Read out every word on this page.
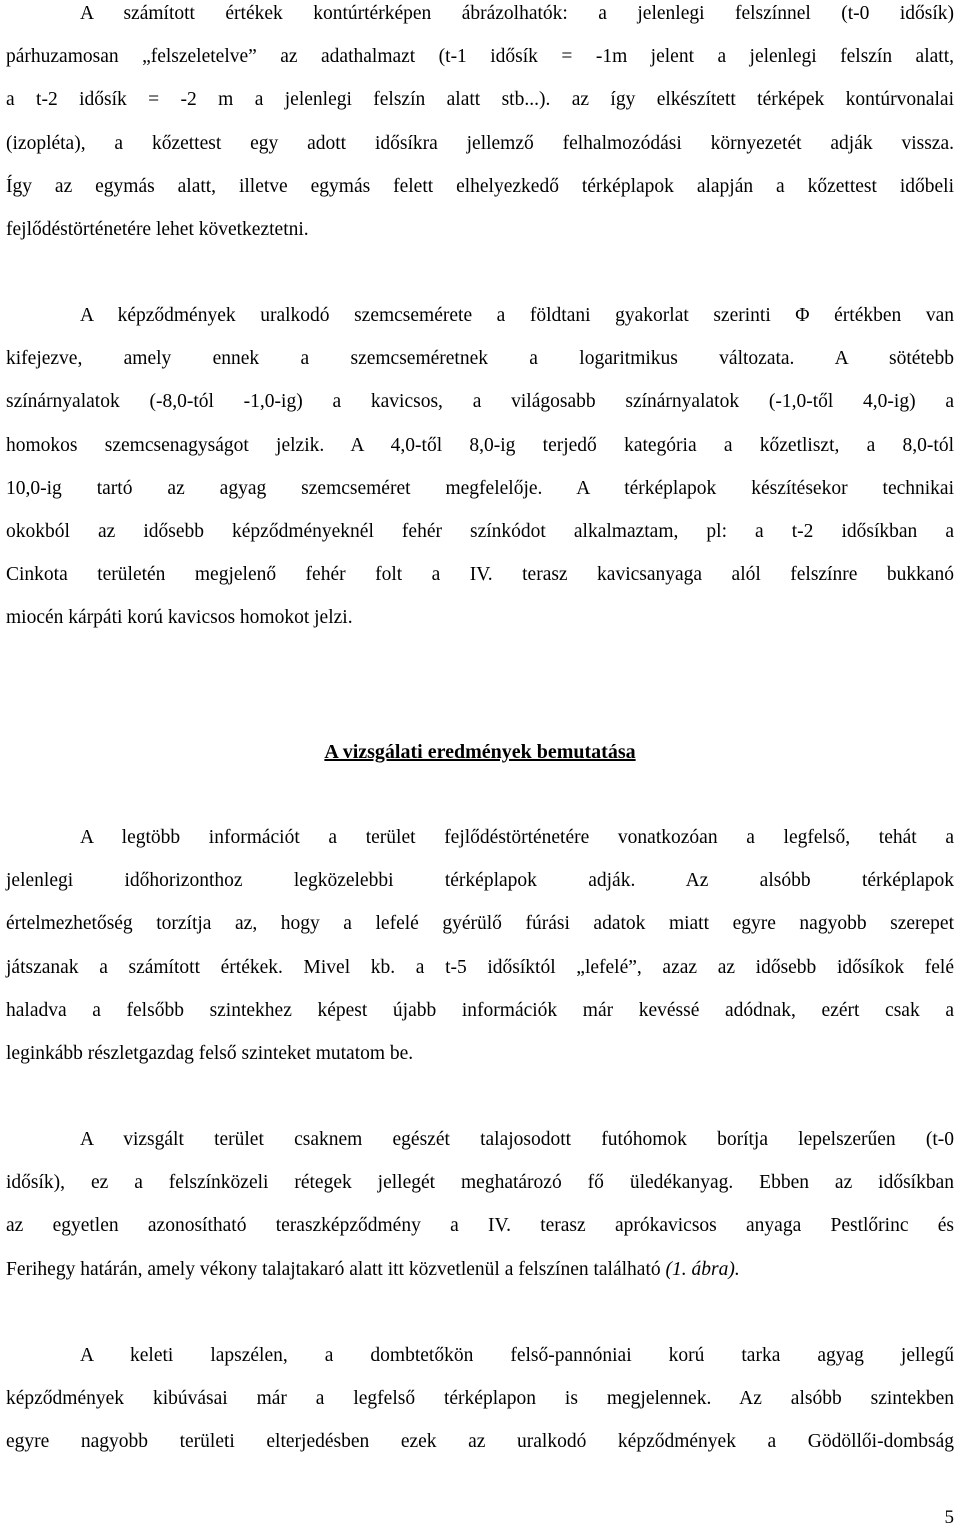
A számított értékek kontúrtérképen ábrázolhatók: a jelenlegi felszínnel (t-0 idősík)
párhuzamosan „felszeletelve” az adathalmazt (t-1 idősík = -1m jelent a jelenlegi felszín alatt,
a t-2 idősík = -2 m a jelenlegi felszín alatt stb...). az így elkészített térképek kontúrvonalai
(izopléta), a kőzettest egy adott idősíkra jellemző felhalmozódási környezetét adják vissza.
Így az egymás alatt, illetve egymás felett elhelyezkedő térképlapok alapján a kőzettest időbeli
fejlődéstörténetére lehet következtetni.
A képződmények uralkodó szemcsemérete a földtani gyakorlat szerinti Φ értékben van
kifejezve, amely ennek a szemcseméretnek a logaritmikus változata. A sötétebb
színárnyalatok (-8,0-tól -1,0-ig) a kavicsos, a világosabb színárnyalatok (-1,0-től 4,0-ig) a
homokos szemcsenagyságot jelzik. A 4,0-től 8,0-ig terjedő kategória a kőzetliszt, a 8,0-tól
10,0-ig tartó az agyag szemcseméret megfelelője. A térképlapok készítésekor technikai
okokból az idősebb képződményeknél fehér színkódot alkalmaztam, pl: a t-2 idősíkban a
Cinkota területén megjelenő fehér folt a IV. terasz kavicsanyaga alól felszínre bukkanó
miocén kárpáti korú kavicsos homokot jelzi.
A vizsgálati eredmények bemutatása
A legtöbb információt a terület fejlődéstörténetére vonatkozóan a legfelső, tehát a
jelenlegi időhorizonthoz legközelebbi térképlapok adják. Az alsóbb térképlapok
értelmezhetőség torzítja az, hogy a lefelé gyérülő fúrási adatok miatt egyre nagyobb szerepet
játszanak a számított értékek. Mivel kb. a t-5 idősíktól „lefelé”, azaz az idősebb idősíkok felé
haladva a felsőbb szintekhez képest újabb információk már kevéssé adódnak, ezért csak a
leginkább részletgazdag felső szinteket mutatom be.
A vizsgált terület csaknem egészét talajosodott futóhomok borítja lepelszerűen (t-0
idősík), ez a felszínközeli rétegek jellegét meghatározó fő üledékanyag. Ebben az idősíkban
az egyetlen azonosítható teraszképződmény a IV. terasz aprókavicsos anyaga Pestlőrinc és
Ferihegy határán, amely vékony talajtakaró alatt itt közvetlenül a felszínen található (1. ábra).
A keleti lapszélen, a dombtetőkön felső-pannóniai korú tarka agyag jellegű
képződmények kibúvásai már a legfelső térképlapon is megjelennek. Az alsóbb szintekben
egyre nagyobb területi elterjedésben ezek az uralkodó képződmények a Gödöllői-dombság
5
